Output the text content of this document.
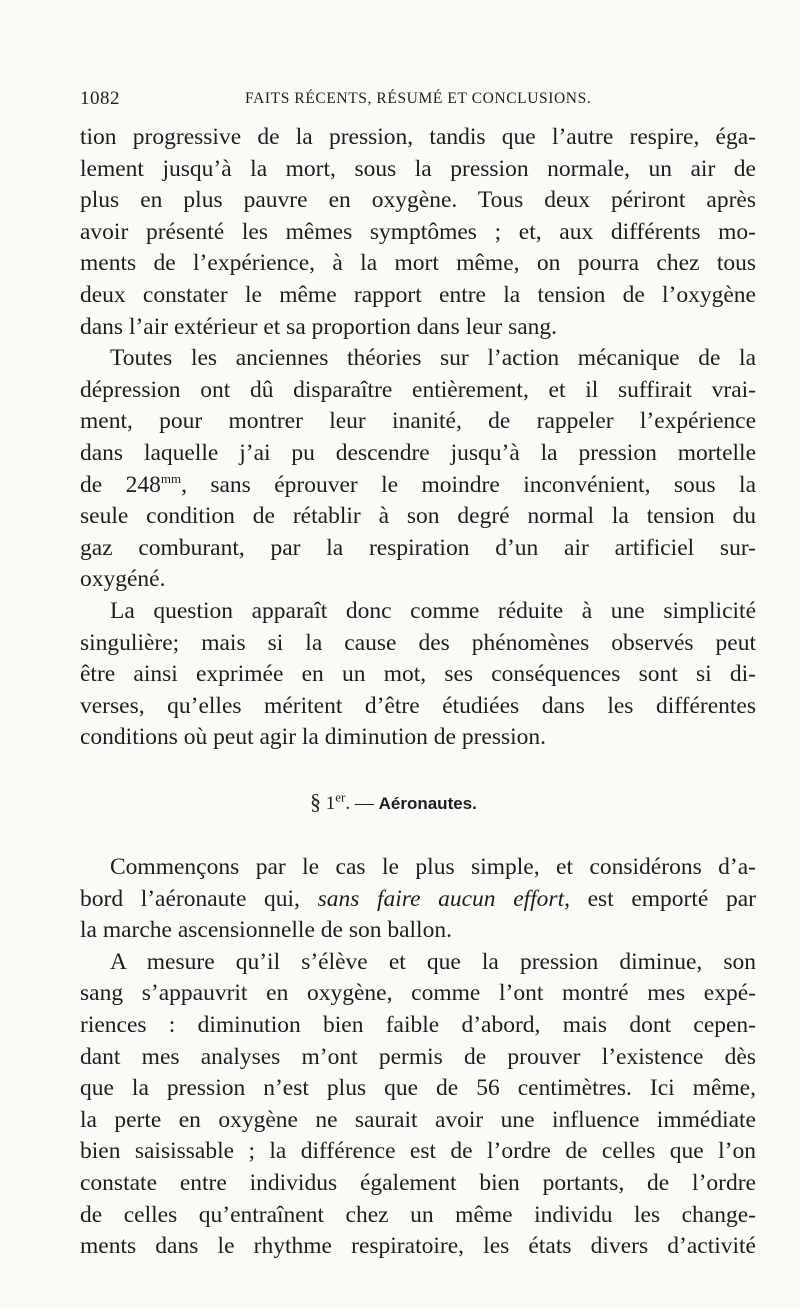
1082	FAITS RÉCENTS, RÉSUMÉ ET CONCLUSIONS.
tion progressive de la pression, tandis que l’autre respire, éga-
lement jusqu’à la mort, sous la pression normale, un air de
plus en plus pauvre en oxygène. Tous deux périront après
avoir présenté les mêmes symptômes ; et, aux différents mo-
ments de l’expérience, à la mort même, on pourra chez tous
deux constater le même rapport entre la tension de l’oxygène
dans l’air extérieur et sa proportion dans leur sang.
Toutes les anciennes théories sur l’action mécanique de la
dépression ont dû disparaître entièrement, et il suffirait vrai-
ment, pour montrer leur inanité, de rappeler l’expérience
dans laquelle j’ai pu descendre jusqu’à la pression mortelle
de $248^{mm}$, sans éprouver le moindre inconvénient, sous la
seule condition de rétablir à son degré normal la tension du
gaz comburant, par la respiration d’un air artificiel sur-
oxygéné.
La question apparaît donc comme réduite à une simplicité
singulière; mais si la cause des phénomènes observés peut
être ainsi exprimée en un mot, ses conséquences sont si di-
verses, qu’elles méritent d’être étudiées dans les différentes
conditions où peut agir la diminution de pression.
§ 1er. — Aéronautes.
Commençons par le cas le plus simple, et considérons d’a-
bord l’aéronaute qui, sans faire aucun effort, est emporté par
la marche ascensionnelle de son ballon.
A mesure qu’il s’élève et que la pression diminue, son
sang s’appauvrit en oxygène, comme l’ont montré mes expé-
riences : diminution bien faible d’abord, mais dont cepen-
dant mes analyses m’ont permis de prouver l’existence dès
que la pression n’est plus que de 56 centimètres. Ici même,
la perte en oxygène ne saurait avoir une influence immédiate
bien saisissable ; la différence est de l’ordre de celles que l’on
constate entre individus également bien portants, de l’ordre
de celles qu’entraînent chez un même individu les change-
ments dans le rhythme respiratoire, les états divers d’activité
